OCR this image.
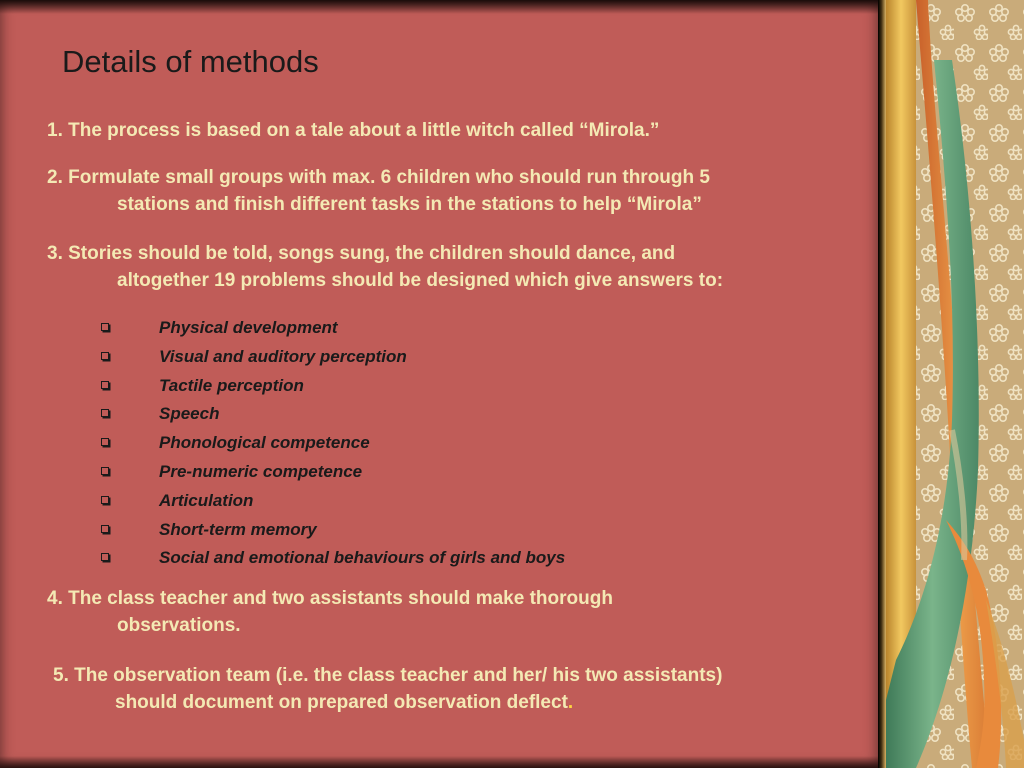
Details of methods

1. The process is based on a tale about a little witch called “Mirola.”

2. Formulate small groups with max. 6 children who should run through 5
stations and finish different tasks in the stations to help “Mirola”

3. Stories should be told, songs sung, the children should dance, and
altogether 19 problems should be designed which give answers to:

Physical development
Visual and auditory perception
Tactile perception
Speech
Phonological competence
Pre-numeric competence
Articulation
Short-term memory
Social and emotional behaviours of girls and boys

4. The class teacher and two assistants should make thorough
observations.

5. The observation team (i.e. the class teacher and her/ his two assistants)
should document on prepared observation deflect.
